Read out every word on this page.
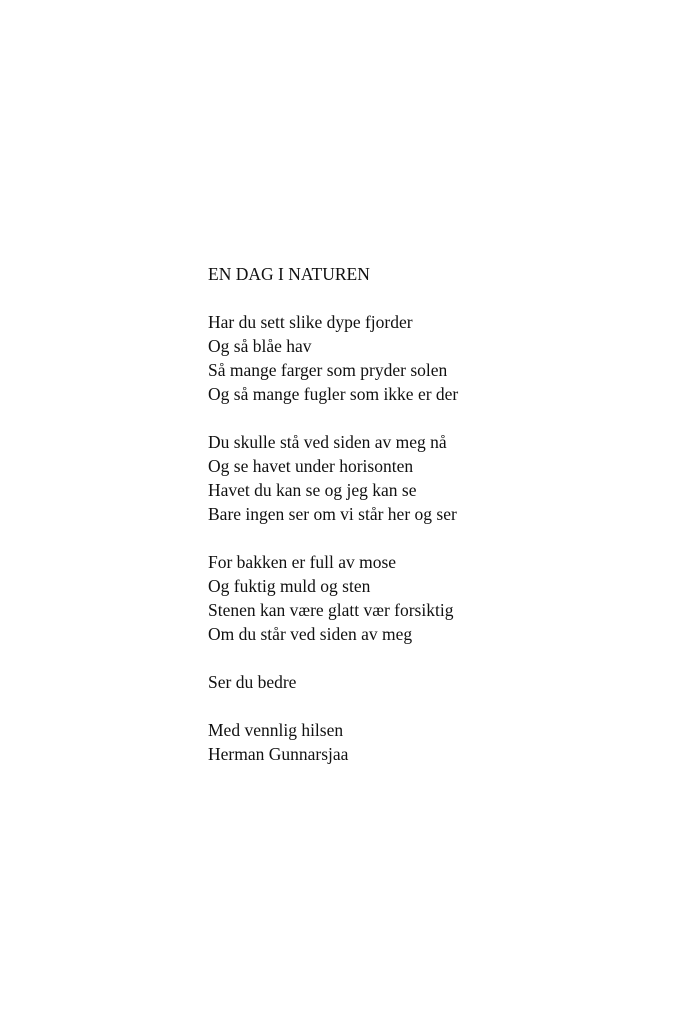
EN DAG I NATUREN
Har du sett slike dype fjorder
Og så blåe hav
Så mange farger som pryder solen
Og så mange fugler som ikke er der
Du skulle stå ved siden av meg nå
Og se havet under horisonten
Havet du kan se og jeg kan se
Bare ingen ser om vi står her og ser
For bakken er full av mose
Og fuktig muld og sten
Stenen kan være glatt vær forsiktig
Om du står ved siden av meg
Ser du bedre
Med vennlig hilsen
Herman Gunnarsjaa
